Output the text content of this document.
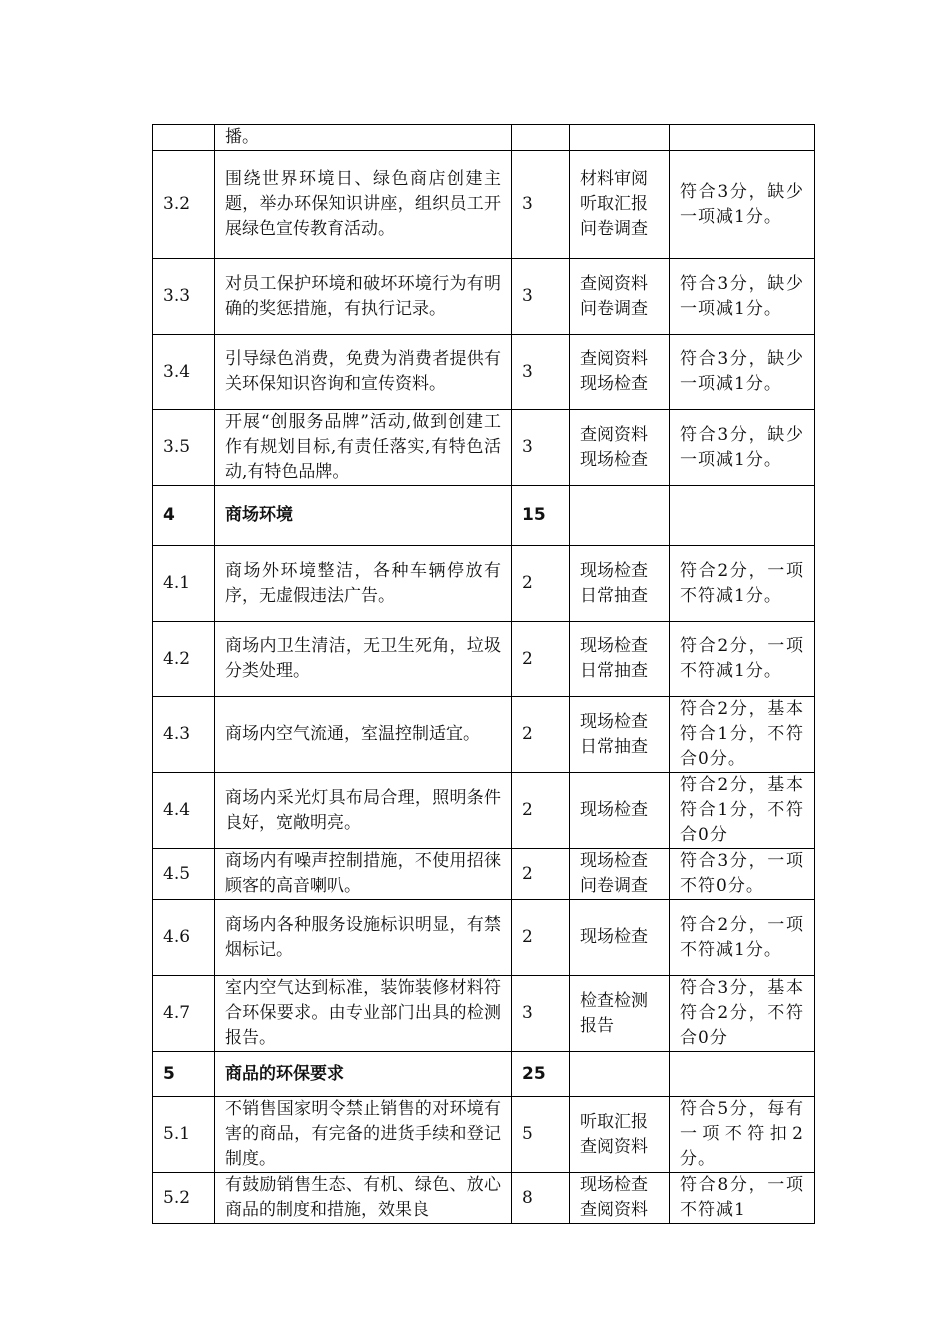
	播。			
3.2	围绕世界环境日、绿色商店创建主题，举办环保知识讲座，组织员工开展绿色宣传教育活动。	3	材料审阅 听取汇报 问卷调查	符合3分，缺少一项减1分。
3.3	对员工保护环境和破坏环境行为有明确的奖惩措施，有执行记录。	3	查阅资料 问卷调查	符合3分，缺少一项减1分。
3.4	引导绿色消费，免费为消费者提供有关环保知识咨询和宣传资料。	3	查阅资料 现场检查	符合3分，缺少一项减1分。
3.5	开展“创服务品牌”活动,做到创建工作有规划目标,有责任落实,有特色活动,有特色品牌。	3	查阅资料 现场检查	符合3分，缺少一项减1分。
4	商场环境	15		
4.1	商场外环境整洁，各种车辆停放有序，无虚假违法广告。	2	现场检查 日常抽查	符合2分，一项不符减1分。
4.2	商场内卫生清洁，无卫生死角，垃圾分类处理。	2	现场检查 日常抽查	符合2分，一项不符减1分。
4.3	商场内空气流通，室温控制适宜。	2	现场检查 日常抽查	符合2分，基本符合1分，不符合0分。
4.4	商场内采光灯具布局合理，照明条件良好，宽敞明亮。	2	现场检查	符合2分，基本符合1分，不符合0分
4.5	商场内有噪声控制措施，不使用招徕顾客的高音喇叭。	2	现场检查 问卷调查	符合3分，一项不符0分。
4.6	商场内各种服务设施标识明显，有禁烟标记。	2	现场检查	符合2分，一项不符减1分。
4.7	室内空气达到标准，装饰装修材料符合环保要求。由专业部门出具的检测报告。	3	检查检测 报告	符合3分，基本符合2分，不符合0分
5	商品的环保要求	25		
5.1	不销售国家明令禁止销售的对环境有害的商品，有完备的进货手续和登记制度。	5	听取汇报 查阅资料	符合5分，每有一项不符扣2分。
5.2	有鼓励销售生态、有机、绿色、放心商品的制度和措施，效果良	8	现场检查 查阅资料	符合8分，一项不符减1
